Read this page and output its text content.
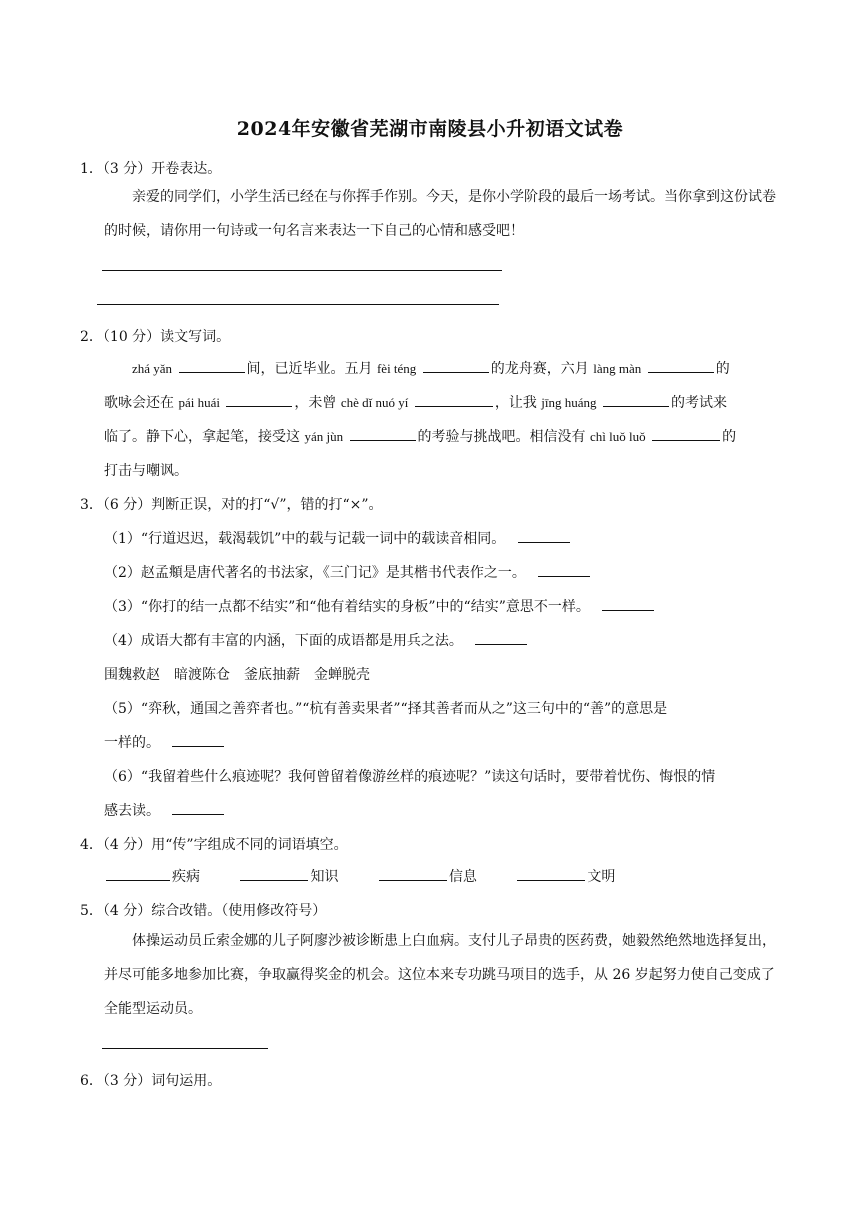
2024年安徽省芜湖市南陵县小升初语文试卷
1．（3 分）开卷表达。
亲爱的同学们，小学生活已经在与你挥手作别。今天，是你小学阶段的最后一场考试。当你拿到这份试卷的时候，请你用一句诗或一句名言来表达一下自己的心情和感受吧！
2．（10 分）读文写词。
zhá yǎn	间，已近毕业。五月 fèi téng	的龙舟赛，六月 làng màn	的
歌咏会还在 pái huái	，未曾 chè dǐ nuó yí	，让我 jīng huáng	的考试来
临了。静下心，拿起笔，接受这 yán jùn	的考验与挑战吧。相信没有 chì luǒ luǒ	的
打击与嘲讽。
3．（6 分）判断正误，对的打“√”，错的打“×”。
（1）“行道迟迟，载渴载饥”中的载与记载一词中的载读音相同。
（2）赵孟頫是唐代著名的书法家，《三门记》是其楷书代表作之一。
（3）“你打的结一点都不结实”和“他有着结实的身板”中的“结实”意思不一样。
（4）成语大都有丰富的内涵，下面的成语都是用兵之法。
围魏救赵　暗渡陈仓　釜底抽薪　金蝉脱壳
（5）“弈秋，通国之善弈者也。”“杭有善卖果者”“择其善者而从之”这三句中的“善”的意思是
一样的。
（6）“我留着些什么痕迹呢？我何曾留着像游丝样的痕迹呢？”读这句话时，要带着忧伤、悔恨的情
感去读。
4．（4 分）用“传”字组成不同的词语填空。
疾病	知识	信息	文明
5．（4 分）综合改错。（使用修改符号）
体操运动员丘索金娜的儿子阿廖沙被诊断患上白血病。支付儿子昂贵的医药费，她毅然绝然地选择复出，并尽可能多地参加比赛，争取赢得奖金的机会。这位本来专功跳马项目的选手，从 26 岁起努力使自己变成了全能型运动员。
6．（3 分）词句运用。
